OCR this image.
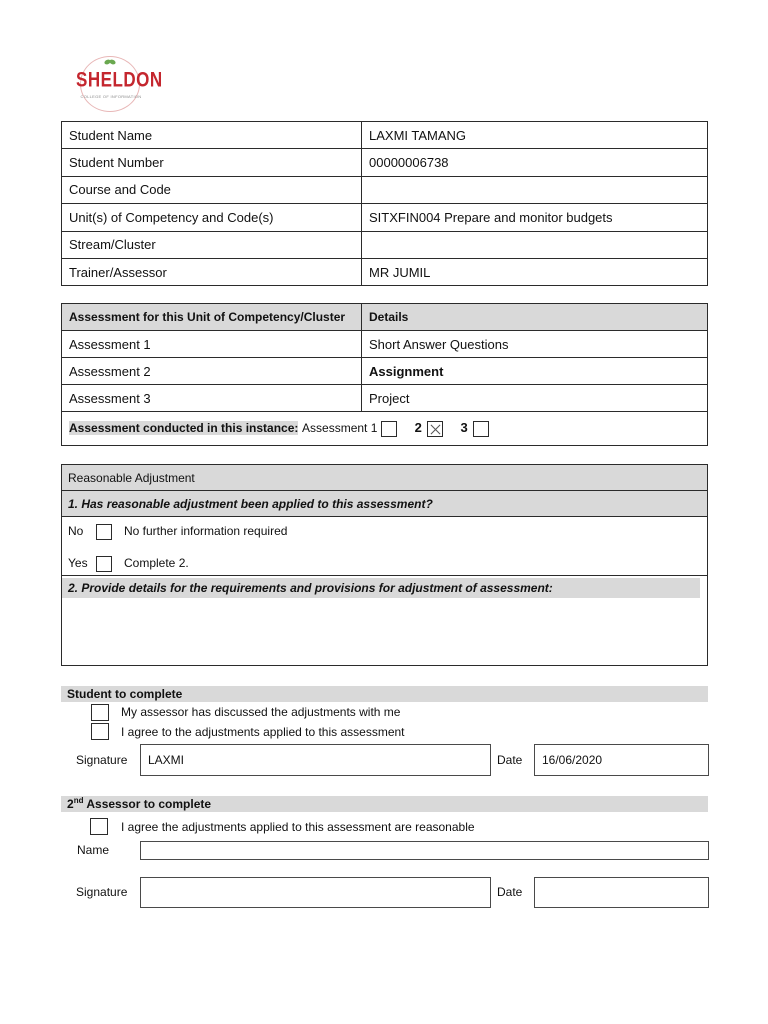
SHELDON
COLLEGE OF INFORMATION
Student Name	LAXMI TAMANG
Student Number	00000006738
Course and Code	
Unit(s) of Competency and Code(s)	SITXFIN004 Prepare and monitor budgets
Stream/Cluster	
Trainer/Assessor	MR JUMIL
Assessment for this Unit of Competency/Cluster	Details
Assessment 1	Short Answer Questions
Assessment 2	Assignment
Assessment 3	Project
Assessment conducted in this instance: Assessment 1 2 3	
Reasonable Adjustment
1. Has reasonable adjustment been applied to this assessment?
No	No further information required
Yes	Complete 2.
2. Provide details for the requirements and provisions for adjustment of assessment:
Student to complete
My assessor has discussed the adjustments with me
I agree to the adjustments applied to this assessment
Signature	LAXMI	Date	16/06/2020
2nd Assessor to complete
I agree the adjustments applied to this assessment are reasonable
Name
Signature	Date
